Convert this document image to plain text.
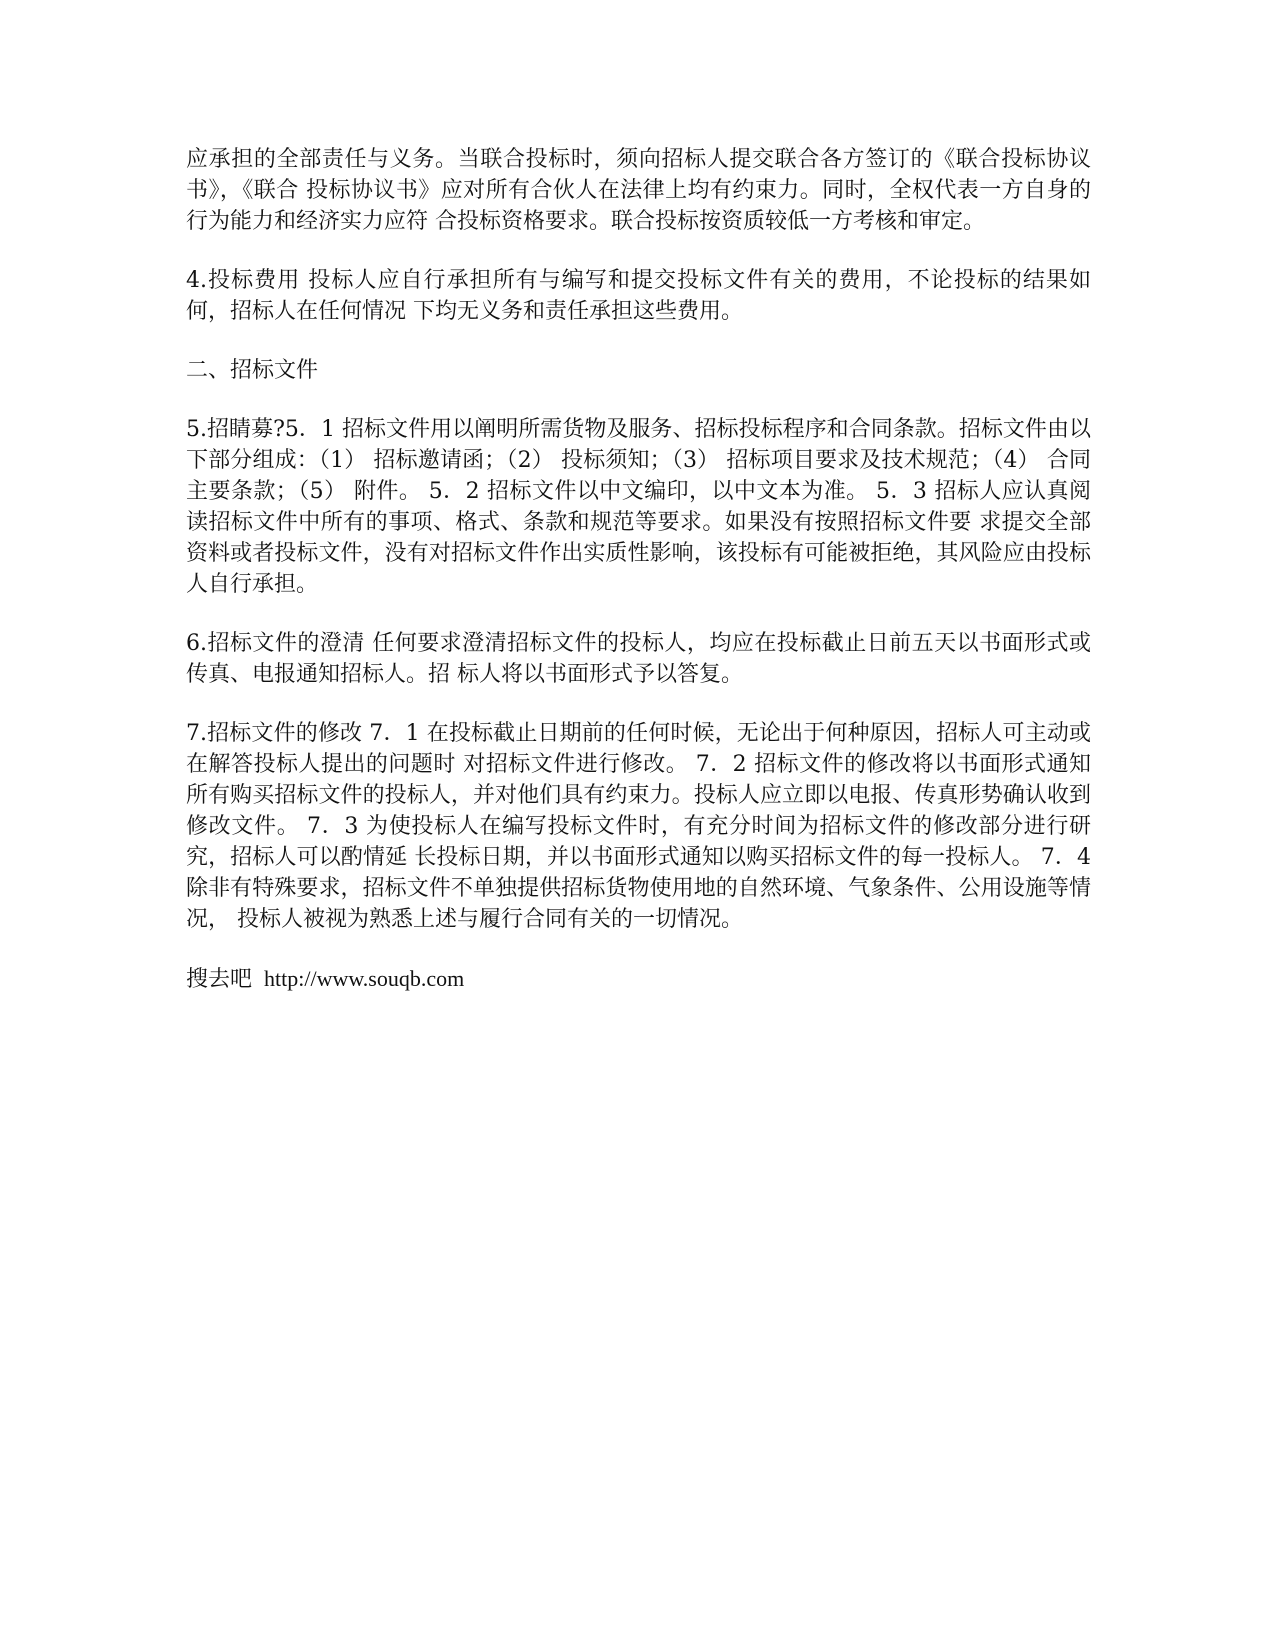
应承担的全部责任与义务。当联合投标时，须向招标人提交联合各方签订的《联合投标协议书》，《联合 投标协议书》应对所有合伙人在法律上均有约束力。同时，全权代表一方自身的行为能力和经济实力应符 合投标资格要求。联合投标按资质较低一方考核和审定。

4.投标费用 投标人应自行承担所有与编写和提交投标文件有关的费用，不论投标的结果如何，招标人在任何情况 下均无义务和责任承担这些费用。

二、招标文件

5.招睛募?5．1 招标文件用以阐明所需货物及服务、招标投标程序和合同条款。招标文件由以下部分组成：（1） 招标邀请函；（2） 投标须知；（3） 招标项目要求及技术规范；（4） 合同主要条款；（5） 附件。 5．2 招标文件以中文编印，以中文本为准。 5．3 招标人应认真阅读招标文件中所有的事项、格式、条款和规范等要求。如果没有按照招标文件要 求提交全部资料或者投标文件，没有对招标文件作出实质性影响，该投标有可能被拒绝，其风险应由投标 人自行承担。

6.招标文件的澄清 任何要求澄清招标文件的投标人，均应在投标截止日前五天以书面形式或传真、电报通知招标人。招 标人将以书面形式予以答复。

7.招标文件的修改 7．1 在投标截止日期前的任何时候，无论出于何种原因，招标人可主动或在解答投标人提出的问题时 对招标文件进行修改。 7．2 招标文件的修改将以书面形式通知所有购买招标文件的投标人，并对他们具有约束力。投标人应立即以电报、传真形势确认收到修改文件。 7．3 为使投标人在编写投标文件时，有充分时间为招标文件的修改部分进行研究，招标人可以酌情延 长投标日期，并以书面形式通知以购买招标文件的每一投标人。 7．4 除非有特殊要求，招标文件不单独提供招标货物使用地的自然环境、气象条件、公用设施等情况， 投标人被视为熟悉上述与履行合同有关的一切情况。

搜去吧 http://www.souqb.com
